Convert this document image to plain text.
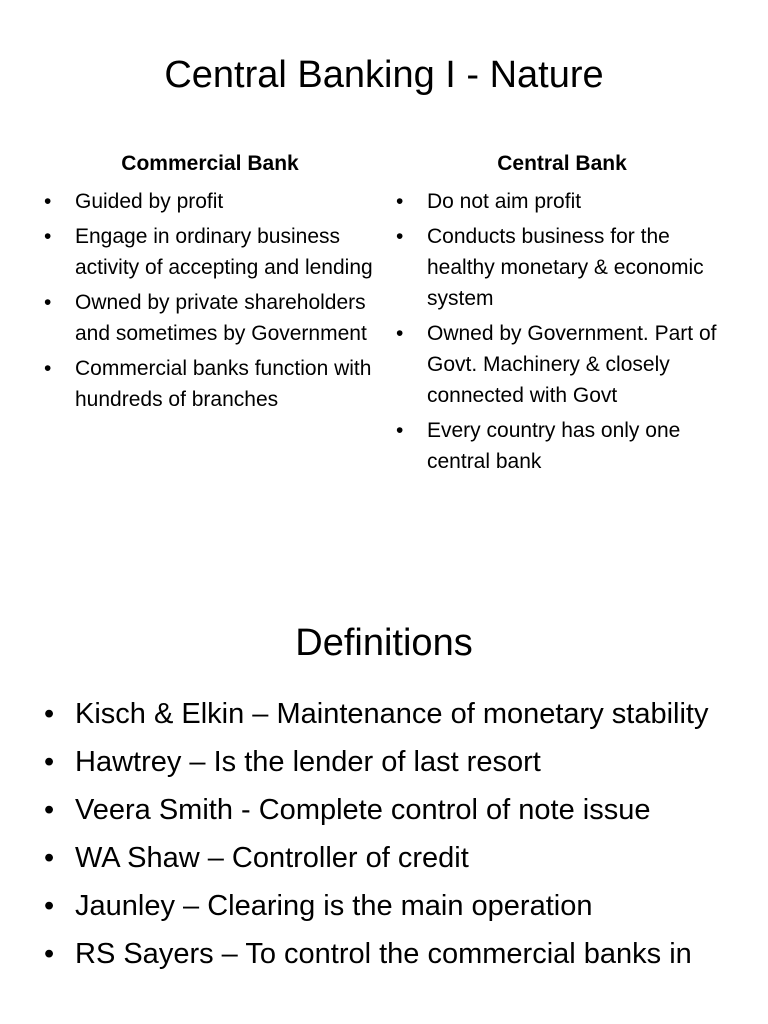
Central Banking I - Nature
Commercial Bank
• Guided by profit
• Engage in ordinary business activity of accepting and lending
• Owned by private shareholders and sometimes by Government
• Commercial banks function with hundreds of branches
Central Bank
• Do not aim profit
• Conducts business for the healthy monetary & economic system
• Owned by Government. Part of Govt. Machinery & closely connected with Govt
• Every country has only one central bank
Definitions
• Kisch & Elkin – Maintenance of monetary stability
• Hawtrey – Is the lender of last resort
• Veera Smith - Complete control of note issue
• WA Shaw – Controller of credit
• Jaunley – Clearing is the main operation
• RS Sayers – To control the commercial banks in
